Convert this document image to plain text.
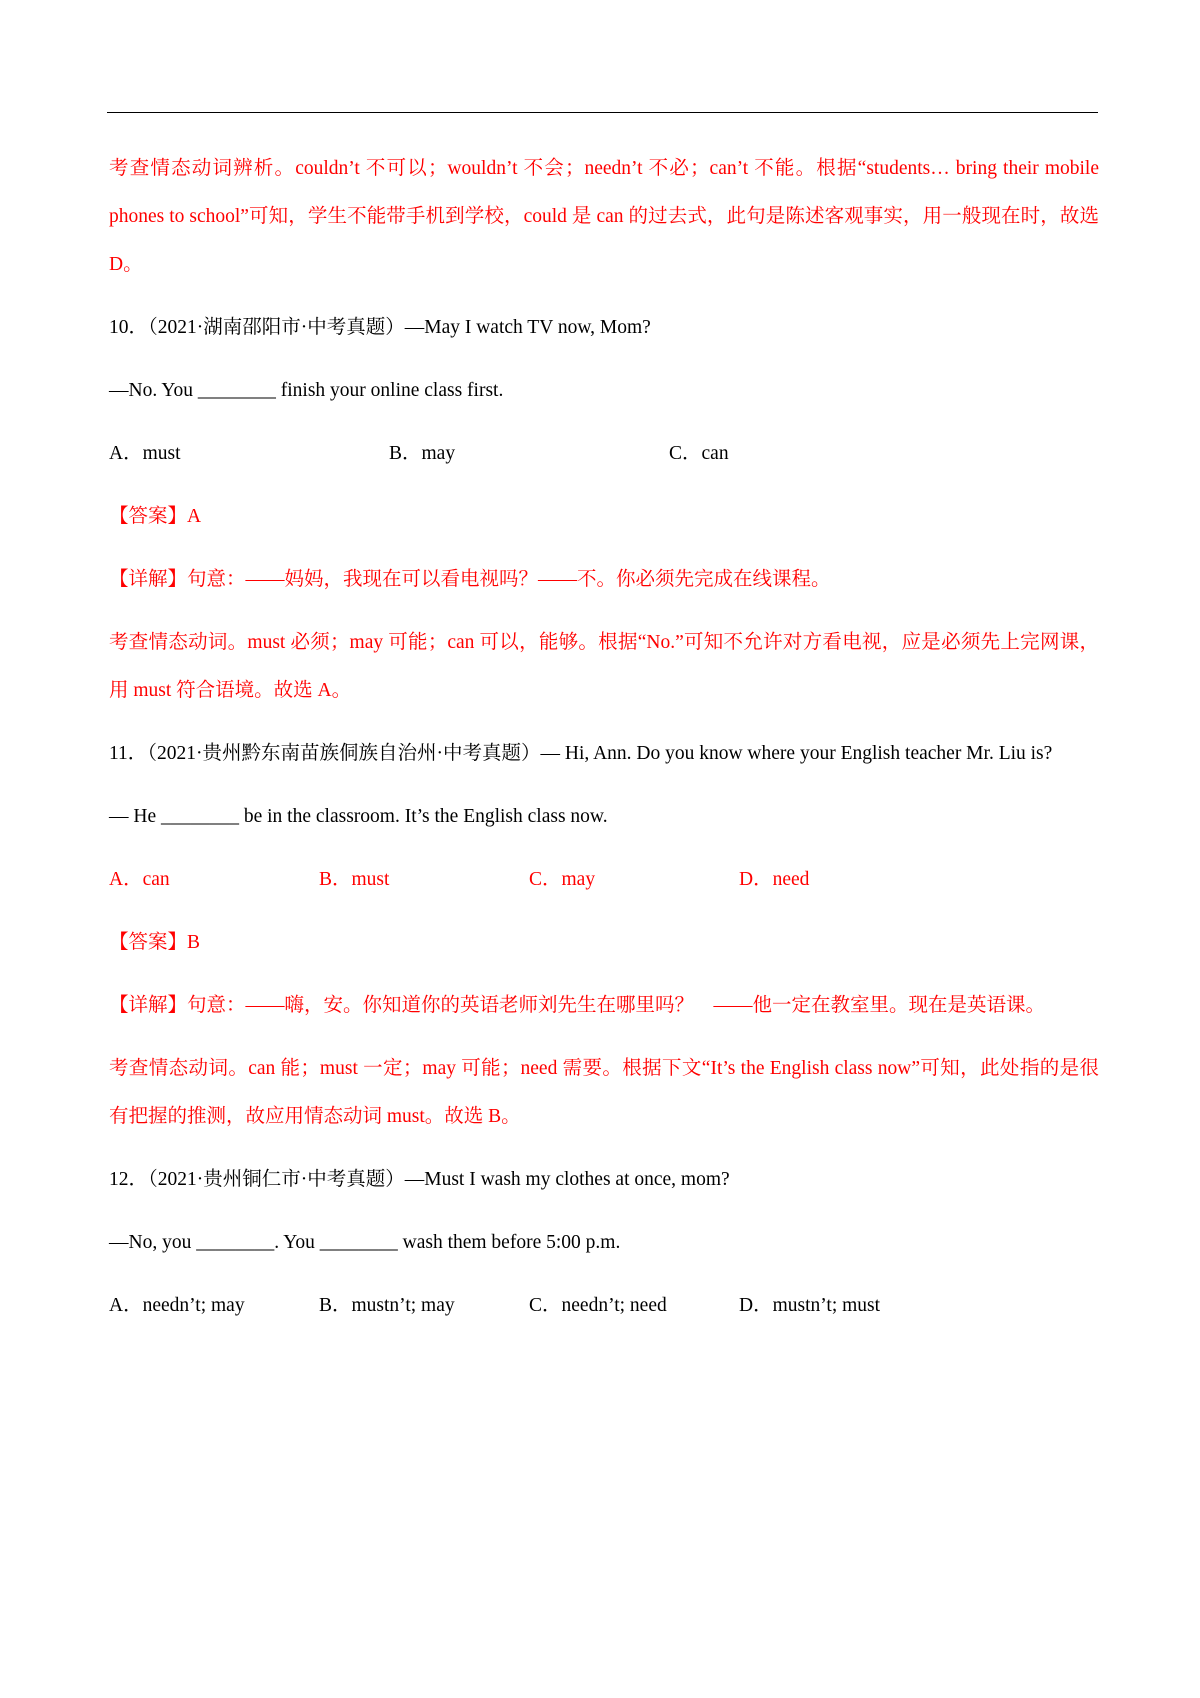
考查情态动词辨析。couldn’t 不可以；wouldn’t 不会；needn’t 不必；can’t 不能。根据“students… bring their mobile phones to school”可知，学生不能带手机到学校，could 是 can 的过去式，此句是陈述客观事实，用一般现在时，故选 D。

10．（2021·湖南邵阳市·中考真题）—May I watch TV now, Mom?

—No. You ________ finish your online class first.

A．must	B．may	C．can

【答案】A

【详解】句意：——妈妈，我现在可以看电视吗？——不。你必须先完成在线课程。

考查情态动词。must 必须；may 可能；can 可以，能够。根据“No.”可知不允许对方看电视，应是必须先上完网课，用 must 符合语境。故选 A。

11．（2021·贵州黔东南苗族侗族自治州·中考真题）— Hi, Ann. Do you know where your English teacher Mr. Liu is?

— He ________ be in the classroom. It’s the English class now.

A．can	B．must	C．may	D．need

【答案】B

【详解】句意：——嗨，安。你知道你的英语老师刘先生在哪里吗？　——他一定在教室里。现在是英语课。

考查情态动词。can 能；must 一定；may 可能；need 需要。根据下文“It’s the English class now”可知，此处指的是很有把握的推测，故应用情态动词 must。故选 B。

12．（2021·贵州铜仁市·中考真题）—Must I wash my clothes at once, mom?

—No, you ________. You ________ wash them before 5:00 p.m.

A．needn’t; may	B．mustn’t; may	C．needn’t; need	D．mustn’t; must
